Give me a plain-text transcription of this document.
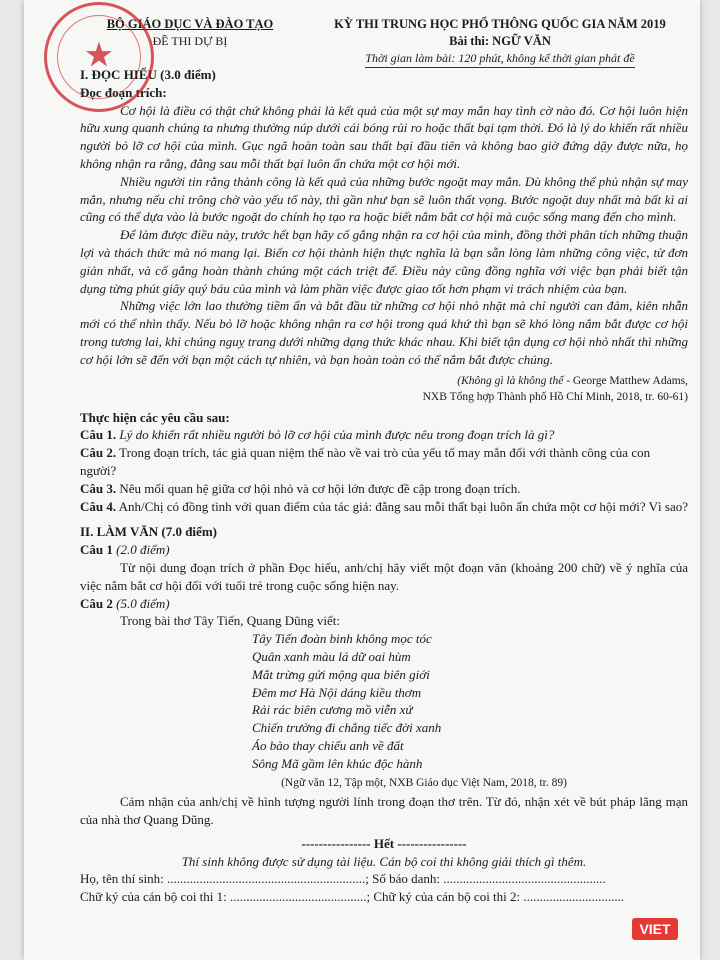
★
BỘ GIÁO DỤC VÀ ĐÀO TẠO
ĐỀ THI DỰ BỊ
KỲ THI TRUNG HỌC PHỔ THÔNG QUỐC GIA NĂM 2019
Bài thi: NGỮ VĂN
Thời gian làm bài: 120 phút, không kể thời gian phát đề
I. ĐỌC HIỂU (3.0 điểm)
Đọc đoạn trích:

Cơ hội là điều có thật chứ không phải là kết quả của một sự may mắn hay tình cờ nào đó. Cơ hội luôn hiện hữu xung quanh chúng ta nhưng thường núp dưới cái bóng rủi ro hoặc thất bại tạm thời. Đó là lý do khiến rất nhiều người bỏ lỡ cơ hội của mình. Gục ngã hoàn toàn sau thất bại đầu tiên và không bao giờ đứng dậy được nữa, họ không nhận ra rằng, đằng sau mỗi thất bại luôn ẩn chứa một cơ hội mới.

Nhiều người tin rằng thành công là kết quả của những bước ngoặt may mắn. Dù không thể phủ nhận sự may mắn, nhưng nếu chỉ trông chờ vào yếu tố này, thì gần như bạn sẽ luôn thất vọng. Bước ngoặt duy nhất mà bất kì ai cũng có thể dựa vào là bước ngoặt do chính họ tạo ra hoặc biết nắm bắt cơ hội mà cuộc sống mang đến cho mình.

Để làm được điều này, trước hết bạn hãy cố gắng nhận ra cơ hội của mình, đồng thời phân tích những thuận lợi và thách thức mà nó mang lại. Biến cơ hội thành hiện thực nghĩa là bạn sẵn lòng làm những công việc, từ đơn giản nhất, và cố gắng hoàn thành chúng một cách triệt để. Điều này cũng đồng nghĩa với việc bạn phải biết tận dụng từng phút giây quý báu của mình và làm phần việc được giao tốt hơn phạm vi trách nhiệm của bạn.

Những việc lớn lao thường tiềm ẩn và bắt đầu từ những cơ hội nhỏ nhặt mà chỉ người can đảm, kiên nhẫn mới có thể nhìn thấy. Nếu bỏ lỡ hoặc không nhận ra cơ hội trong quá khứ thì bạn sẽ khó lòng nắm bắt được cơ hội trong tương lai, khi chúng nguỵ trang dưới những dạng thức khác nhau. Khi biết tận dụng cơ hội nhỏ nhất thì những cơ hội lớn sẽ đến với bạn một cách tự nhiên, và bạn hoàn toàn có thể nắm bắt được chúng.

(Không gì là không thể - George Matthew Adams,
NXB Tổng hợp Thành phố Hồ Chí Minh, 2018, tr. 60-61)
Thực hiện các yêu cầu sau:

Câu 1. Lý do khiến rất nhiều người bỏ lỡ cơ hội của mình được nêu trong đoạn trích là gì?

Câu 2. Trong đoạn trích, tác giả quan niệm thế nào về vai trò của yếu tố may mắn đối với thành công của con người?

Câu 3. Nêu mối quan hệ giữa cơ hội nhỏ và cơ hội lớn được đề cập trong đoạn trích.

Câu 4. Anh/Chị có đồng tình với quan điểm của tác giả: đằng sau mỗi thất bại luôn ẩn chứa một cơ hội mới? Vì sao?

II. LÀM VĂN (7.0 điểm)
Câu 1 (2.0 điểm)

Từ nội dung đoạn trích ở phần Đọc hiểu, anh/chị hãy viết một đoạn văn (khoảng 200 chữ) về ý nghĩa của việc nắm bắt cơ hội đối với tuổi trẻ trong cuộc sống hiện nay.

Câu 2 (5.0 điểm)

Trong bài thơ Tây Tiến, Quang Dũng viết:

Tây Tiến đoàn binh không mọc tóc
Quân xanh màu lá dữ oai hùm
Mắt trừng gửi mộng qua biên giới
Đêm mơ Hà Nội dáng kiều thơm
Rải rác biên cương mồ viễn xứ
Chiến trường đi chẳng tiếc đời xanh
Áo bào thay chiếu anh về đất
Sông Mã gầm lên khúc độc hành
(Ngữ văn 12, Tập một, NXB Giáo dục Việt Nam, 2018, tr. 89)

Cảm nhận của anh/chị về hình tượng người lính trong đoạn thơ trên. Từ đó, nhận xét về bút pháp lãng mạn của nhà thơ Quang Dũng.

---------------- Hết ----------------
Thí sinh không được sử dụng tài liệu. Cán bộ coi thi không giải thích gì thêm.

Họ, tên thí sinh: .............................................................; Số báo danh: ..................................................

Chữ ký của cán bộ coi thi 1: ..........................................; Chữ ký của cán bộ coi thi 2: ...............................

VIET
